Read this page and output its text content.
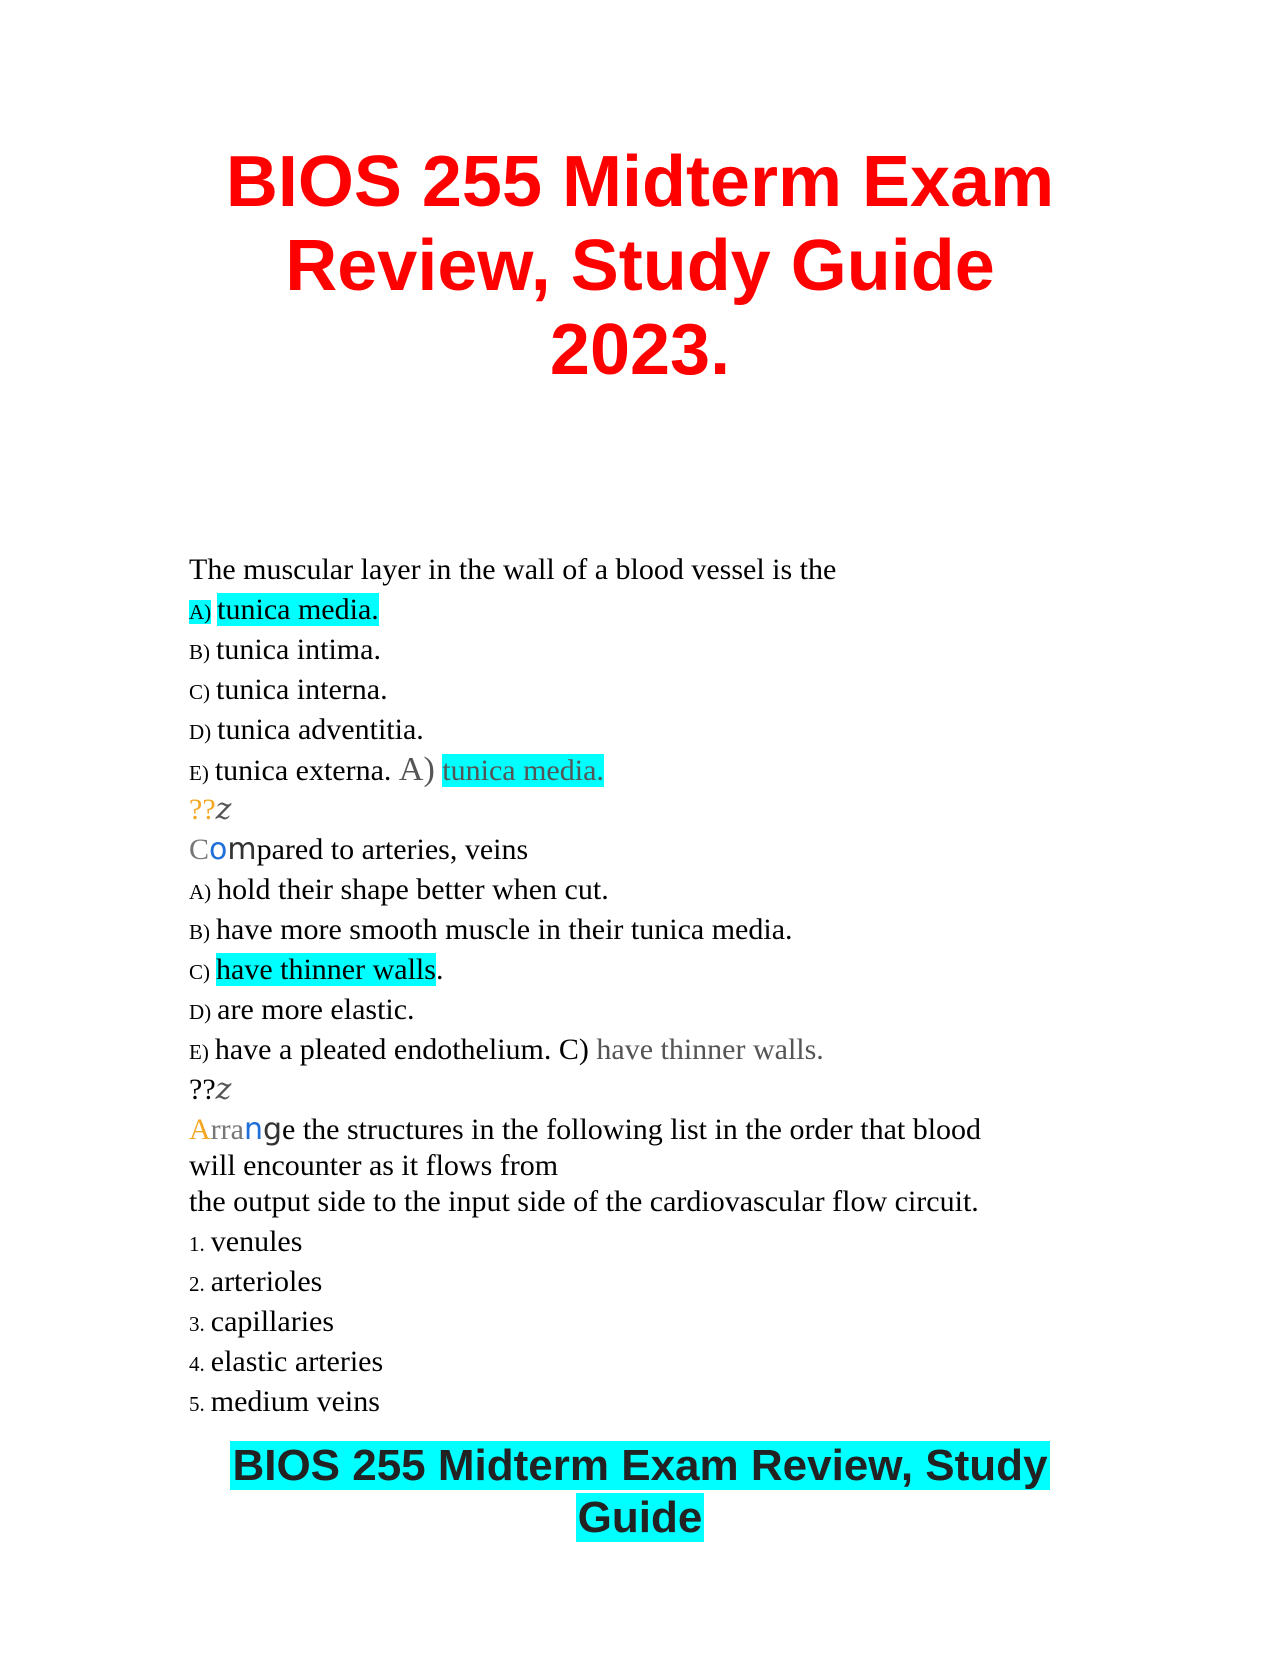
BIOS 255 Midterm Exam
Review, Study Guide
2023.
The muscular layer in the wall of a blood vessel is the
A) tunica media.
B) tunica intima.
C) tunica interna.
D) tunica adventitia.
E) tunica externa. A) tunica media.
??z
Compared to arteries, veins
A) hold their shape better when cut.
B) have more smooth muscle in their tunica media.
C) have thinner walls.
D) are more elastic.
E) have a pleated endothelium. C) have thinner walls.
??z
Arrange the structures in the following list in the order that blood
will encounter as it flows from
the output side to the input side of the cardiovascular flow circuit.
1. venules
2. arterioles
3. capillaries
4. elastic arteries
5. medium veins
BIOS 255 Midterm Exam Review, Study
Guide
